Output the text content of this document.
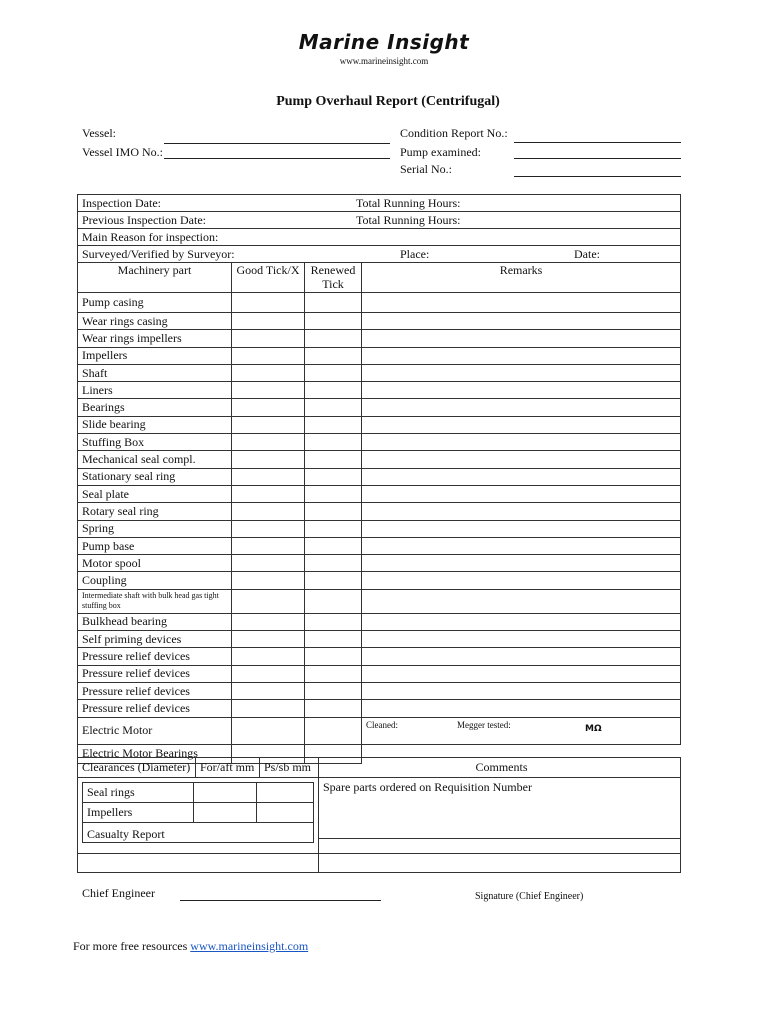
Marine Insight
www.marineinsight.com
Pump Overhaul Report (Centrifugal)
Vessel:
Vessel IMO No.:
Condition Report No.:
Pump examined:
Serial No.:
Inspection Date: Total Running Hours:			

Previous Inspection Date: Total Running Hours:			

Main Reason for inspection:			
Surveyed/Verified by Surveyor: Place: Date:			

Machinery part	Good Tick/X	Renewed Tick	Remarks
Pump casing			
Wear rings casing			
Wear rings impellers			
Impellers			
Shaft			
Liners			
Bearings			
Slide bearing			
Stuffing Box			
Mechanical seal compl.			
Stationary seal ring			
Seal plate			
Rotary seal ring			
Spring			
Pump base			
Motor spool			
Coupling			
Intermediate shaft with bulk head gas tight stuffing box			
Bulkhead bearing			
Self priming devices			
Pressure relief devices			
Pressure relief devices			
Pressure relief devices			
Pressure relief devices			
Electric Motor			Cleaned: Megger tested: MΩ

Electric Motor Bearings			
Clearances (Diameter)	For/aft mm	Ps/sb mm	Comments

Seal rings		
Impellers		
Casualty Report
	Spare parts ordered on Requisition Number

Chief Engineer	Signature (Chief Engineer)
For more free resources www.marineinsight.com
